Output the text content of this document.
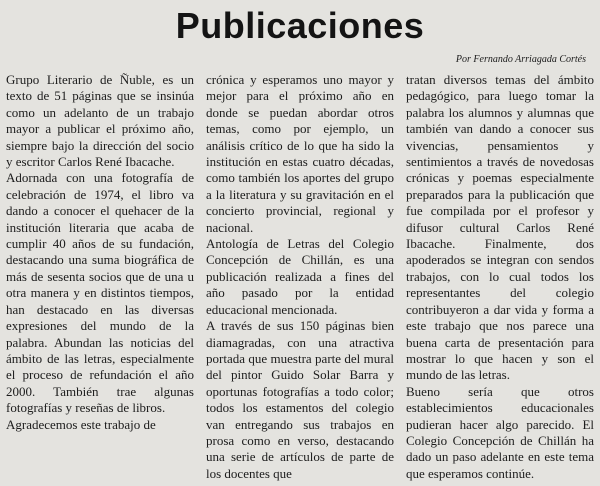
Publicaciones
Por Fernando Arriagada Cortés

Grupo Literario de Ñuble, es un texto de 51 páginas que se insinúa como un adelanto de un trabajo mayor a publicar el próximo año, siempre bajo la dirección del socio y escritor Carlos René Ibacache.

Adornada con una fotografía de celebración de 1974, el libro va dando a conocer el quehacer de la institución literaria que acaba de cumplir 40 años de su fundación, destacando una suma biográfica de más de sesenta socios que de una u otra manera y en distintos tiempos, han destacado en las diversas expresiones del mundo de la palabra. Abundan las noticias del ámbito de las letras, especialmente el proceso de refundación el año 2000. También trae algunas fotografías y reseñas de libros.

Agradecemos este trabajo de

crónica y esperamos uno mayor y mejor para el próximo año en donde se puedan abordar otros temas, como por ejemplo, un análisis crítico de lo que ha sido la institución en estas cuatro décadas, como también los aportes del grupo a la literatura y su gravitación en el concierto provincial, regional y nacional.

Antología de Letras del Colegio Concepción de Chillán, es una publicación realizada a fines del año pasado por la entidad educacional mencionada.

A través de sus 150 páginas bien diamagradas, con una atractiva portada que muestra parte del mural del pintor Guido Solar Barra y oportunas fotografías a todo color; todos los estamentos del colegio van entregando sus trabajos en prosa como en verso, destacando una serie de artículos de parte de los docentes que

tratan diversos temas del ámbito pedagógico, para luego tomar la palabra los alumnos y alumnas que también van dando a conocer sus vivencias, pensamientos y sentimientos a través de novedosas crónicas y poemas especialmente preparados para la publicación que fue compilada por el profesor y difusor cultural Carlos René Ibacache. Finalmente, dos apoderados se integran con sendos trabajos, con lo cual todos los representantes del colegio contribuyeron a dar vida y forma a este trabajo que nos parece una buena carta de presentación para mostrar lo que hacen y son el mundo de las letras.

Bueno sería que otros establecimientos educacionales pudieran hacer algo parecido. El Colegio Concepción de Chillán ha dado un paso adelante en este tema que esperamos continúe.
